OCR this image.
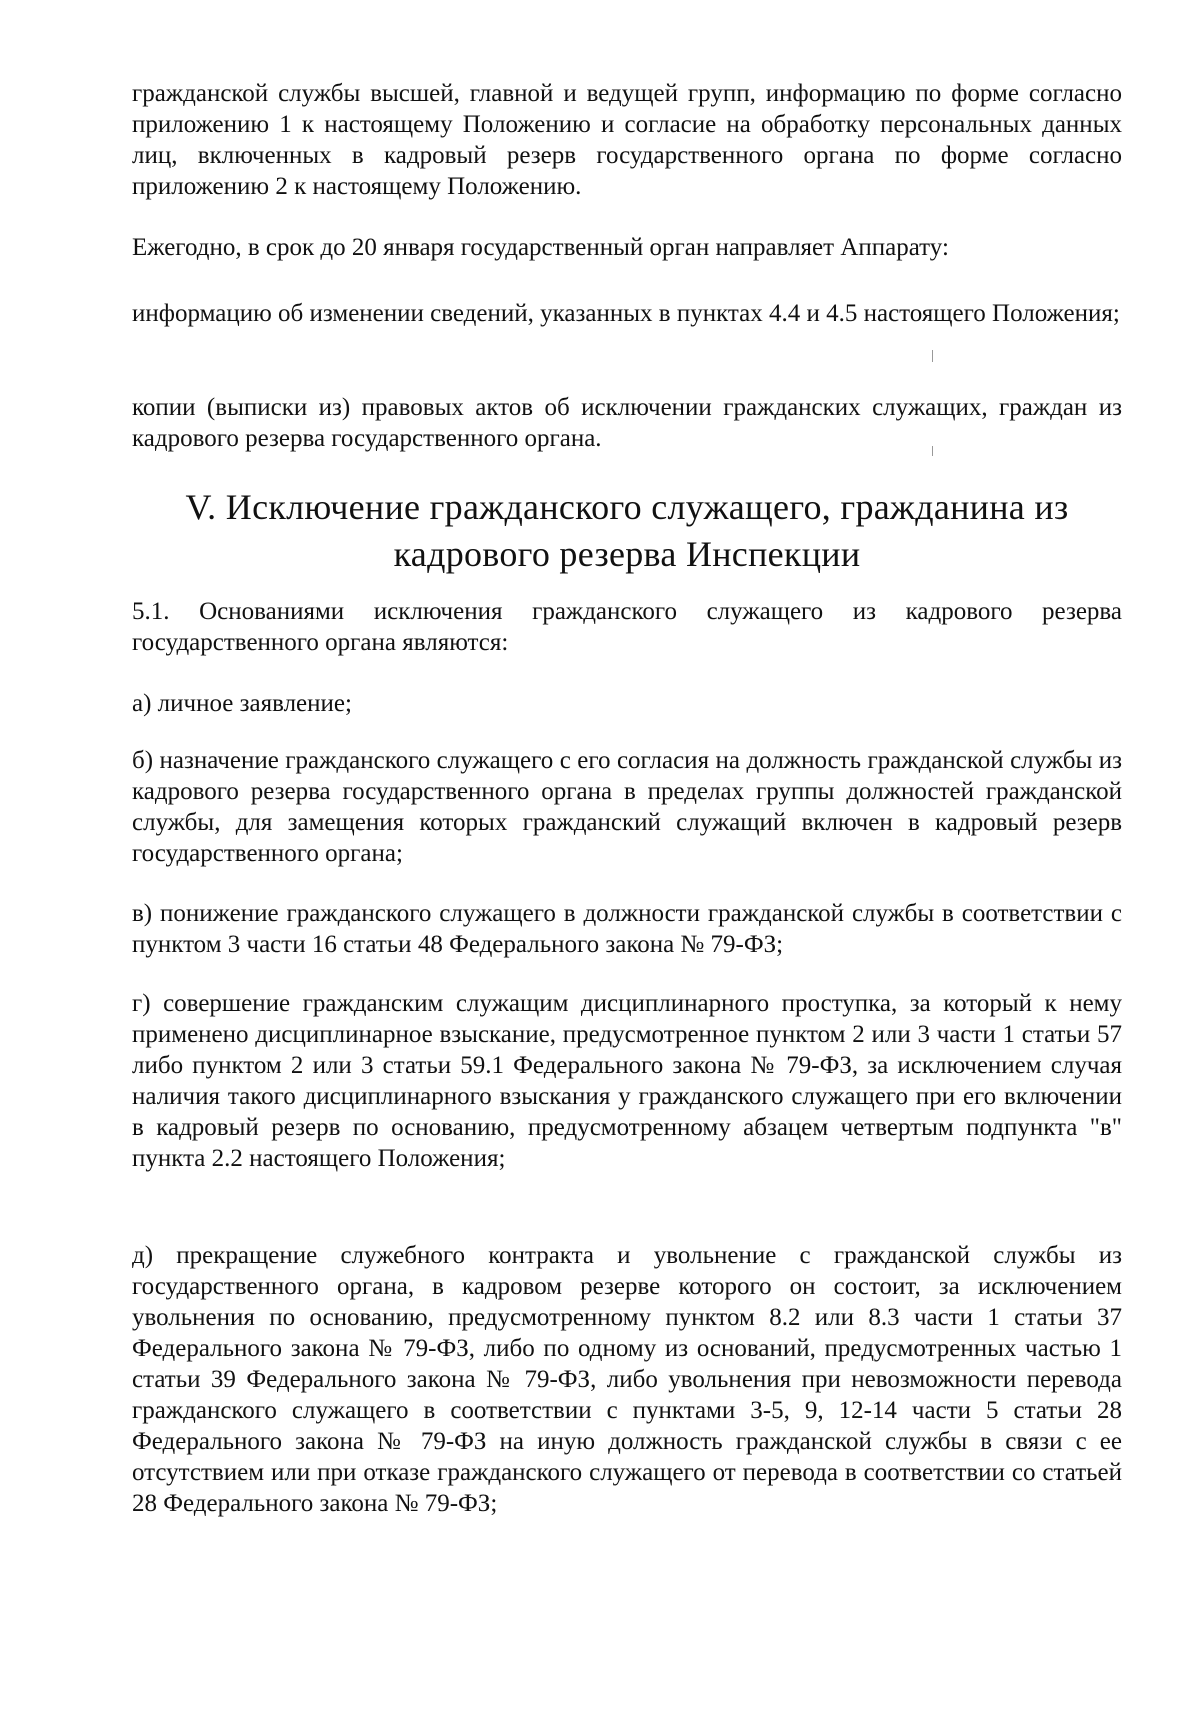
гражданской службы высшей, главной и ведущей групп, информацию по форме согласно приложению 1 к настоящему Положению и согласие на обработку персональных данных лиц, включенных в кадровый резерв государственного органа по форме согласно приложению 2 к настоящему Положению.

Ежегодно, в срок до 20 января государственный орган направляет Аппарату:

информацию об изменении сведений, указанных в пунктах 4.4 и 4.5 настоящего Положения;

копии (выписки из) правовых актов об исключении гражданских служащих, граждан из кадрового резерва государственного органа.

V. Исключение гражданского служащего, гражданина из
кадрового резерва Инспекции

5.1. Основаниями исключения гражданского служащего из кадрового резерва государственного органа являются:

а) личное заявление;

б) назначение гражданского служащего с его согласия на должность гражданской службы из кадрового резерва государственного органа в пределах группы должностей гражданской службы, для замещения которых гражданский служащий включен в кадровый резерв государственного органа;

в) понижение гражданского служащего в должности гражданской службы в соответствии с пунктом 3 части 16 статьи 48 Федерального закона № 79-ФЗ;

г) совершение гражданским служащим дисциплинарного проступка, за который к нему применено дисциплинарное взыскание, предусмотренное пунктом 2 или 3 части 1 статьи 57 либо пунктом 2 или 3 статьи 59.1 Федерального закона № 79-ФЗ, за исключением случая наличия такого дисциплинарного взыскания у гражданского служащего при его включении в кадровый резерв по основанию, предусмотренному абзацем четвертым подпункта "в" пункта 2.2 настоящего Положения;

д) прекращение служебного контракта и увольнение с гражданской службы из государственного органа, в кадровом резерве которого он состоит, за исключением увольнения по основанию, предусмотренному пунктом 8.2 или 8.3 части 1 статьи 37 Федерального закона № 79-ФЗ, либо по одному из оснований, предусмотренных частью 1 статьи 39 Федерального закона № 79-ФЗ, либо увольнения при невозможности перевода гражданского служащего в соответствии с пунктами 3-5, 9, 12-14 части 5 статьи 28 Федерального закона № 79-ФЗ на иную должность гражданской службы в связи с ее отсутствием или при отказе гражданского служащего от перевода в соответствии со статьей 28 Федерального закона № 79-ФЗ;
